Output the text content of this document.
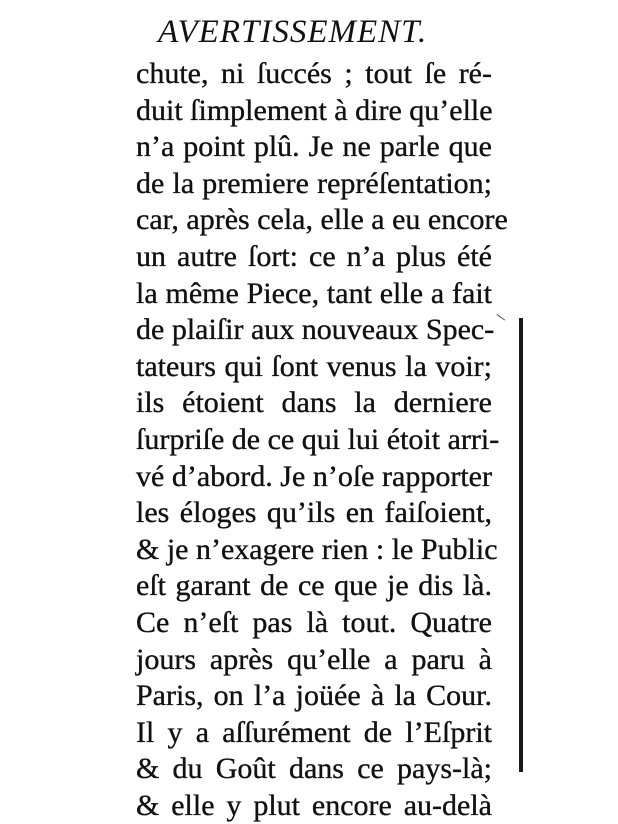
AVERTISSEMENT.
chute, ni ſuccés ; tout ſe ré-
duit ſimplement à dire qu’elle
n’a point plû. Je ne parle que
de la premiere repréſentation;
car, après cela, elle a eu encore
un autre ſort: ce n’a plus été
la même Piece, tant elle a fait
de plaiſir aux nouveaux Spec-
tateurs qui ſont venus la voir;
ils étoient dans la derniere
ſurpriſe de ce qui lui étoit arri-
vé d’abord. Je n’oſe rapporter
les éloges qu’ils en faiſoient,
& je n’exagere rien : le Public
eſt garant de ce que je dis là.
Ce n’eſt pas là tout. Quatre
jours après qu’elle a paru à
Paris, on l’a joüée à la Cour.
Il y a aſſurément de l’Eſprit
& du Goût dans ce pays-là;
& elle y plut encore au-delà
